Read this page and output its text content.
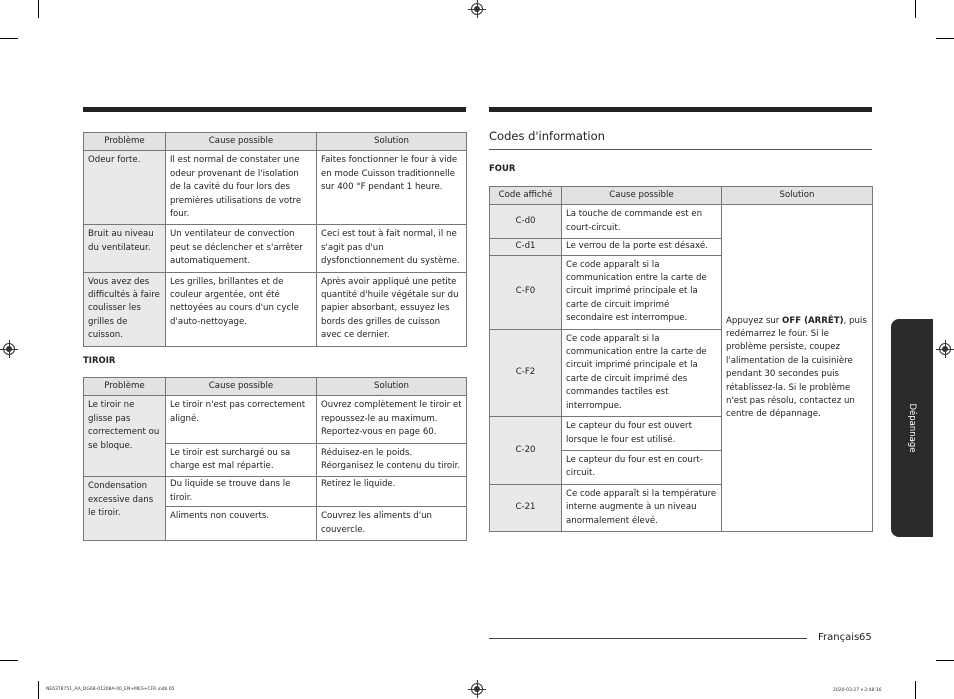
Problème	Cause possible	Solution
Odeur forte.	Il est normal de constater une odeur provenant de l'isolation de la cavité du four lors des premières utilisations de votre four.	Faites fonctionner le four à vide en mode Cuisson traditionnelle sur 400 °F pendant 1 heure.
Bruit au niveau du ventilateur.	Un ventilateur de convection peut se déclencher et s'arrêter automatiquement.	Ceci est tout à fait normal, il ne s'agit pas d'un dysfonctionnement du système.
Vous avez des difficultés à faire coulisser les grilles de cuisson.	Les grilles, brillantes et de couleur argentée, ont été nettoyées au cours d'un cycle d'auto-nettoyage.	Après avoir appliqué une petite quantité d'huile végétale sur du papier absorbant, essuyez les bords des grilles de cuisson avec ce dernier.
TIROIR
Problème	Cause possible	Solution
Le tiroir ne glisse pas correctement ou se bloque.	Le tiroir n'est pas correctement aligné.	Ouvrez complètement le tiroir et repoussez-le au maximum. Reportez-vous en page 60.
	Le tiroir est surchargé ou sa charge est mal répartie.	Réduisez-en le poids. Réorganisez le contenu du tiroir.
Condensation excessive dans le tiroir.	Du liquide se trouve dans le tiroir.	Retirez le liquide.
	Aliments non couverts.	Couvrez les aliments d'un couvercle.
Codes d'information
FOUR
Code affiché	Cause possible	Solution
C-d0	La touche de commande est en court-circuit.	Appuyez sur OFF (ARRÊT), puis redémarrez le four. Si le problème persiste, coupez l'alimentation de la cuisinière pendant 30 secondes puis rétablissez-la. Si le problème n'est pas résolu, contactez un centre de dépannage.
C-d1	Le verrou de la porte est désaxé.	
C-F0	Ce code apparaît si la communication entre la carte de circuit imprimé principale et la carte de circuit imprimé secondaire est interrompue.	
C-F2	Ce code apparaît si la communication entre la carte de circuit imprimé principale et la carte de circuit imprimé des commandes tactiles est interrompue.	
C-20	Le capteur du four est ouvert lorsque le four est utilisé.	
	Le capteur du four est en court-circuit.	
C-21	Ce code apparaît si la température interne augmente à un niveau anormalement élevé.	
Dépannage
Français 65
NE63T8751_AA_DG68-01208A-00_EN+MES+CFR.indb 65	2020-03-27 ⏸ 2:48:16
